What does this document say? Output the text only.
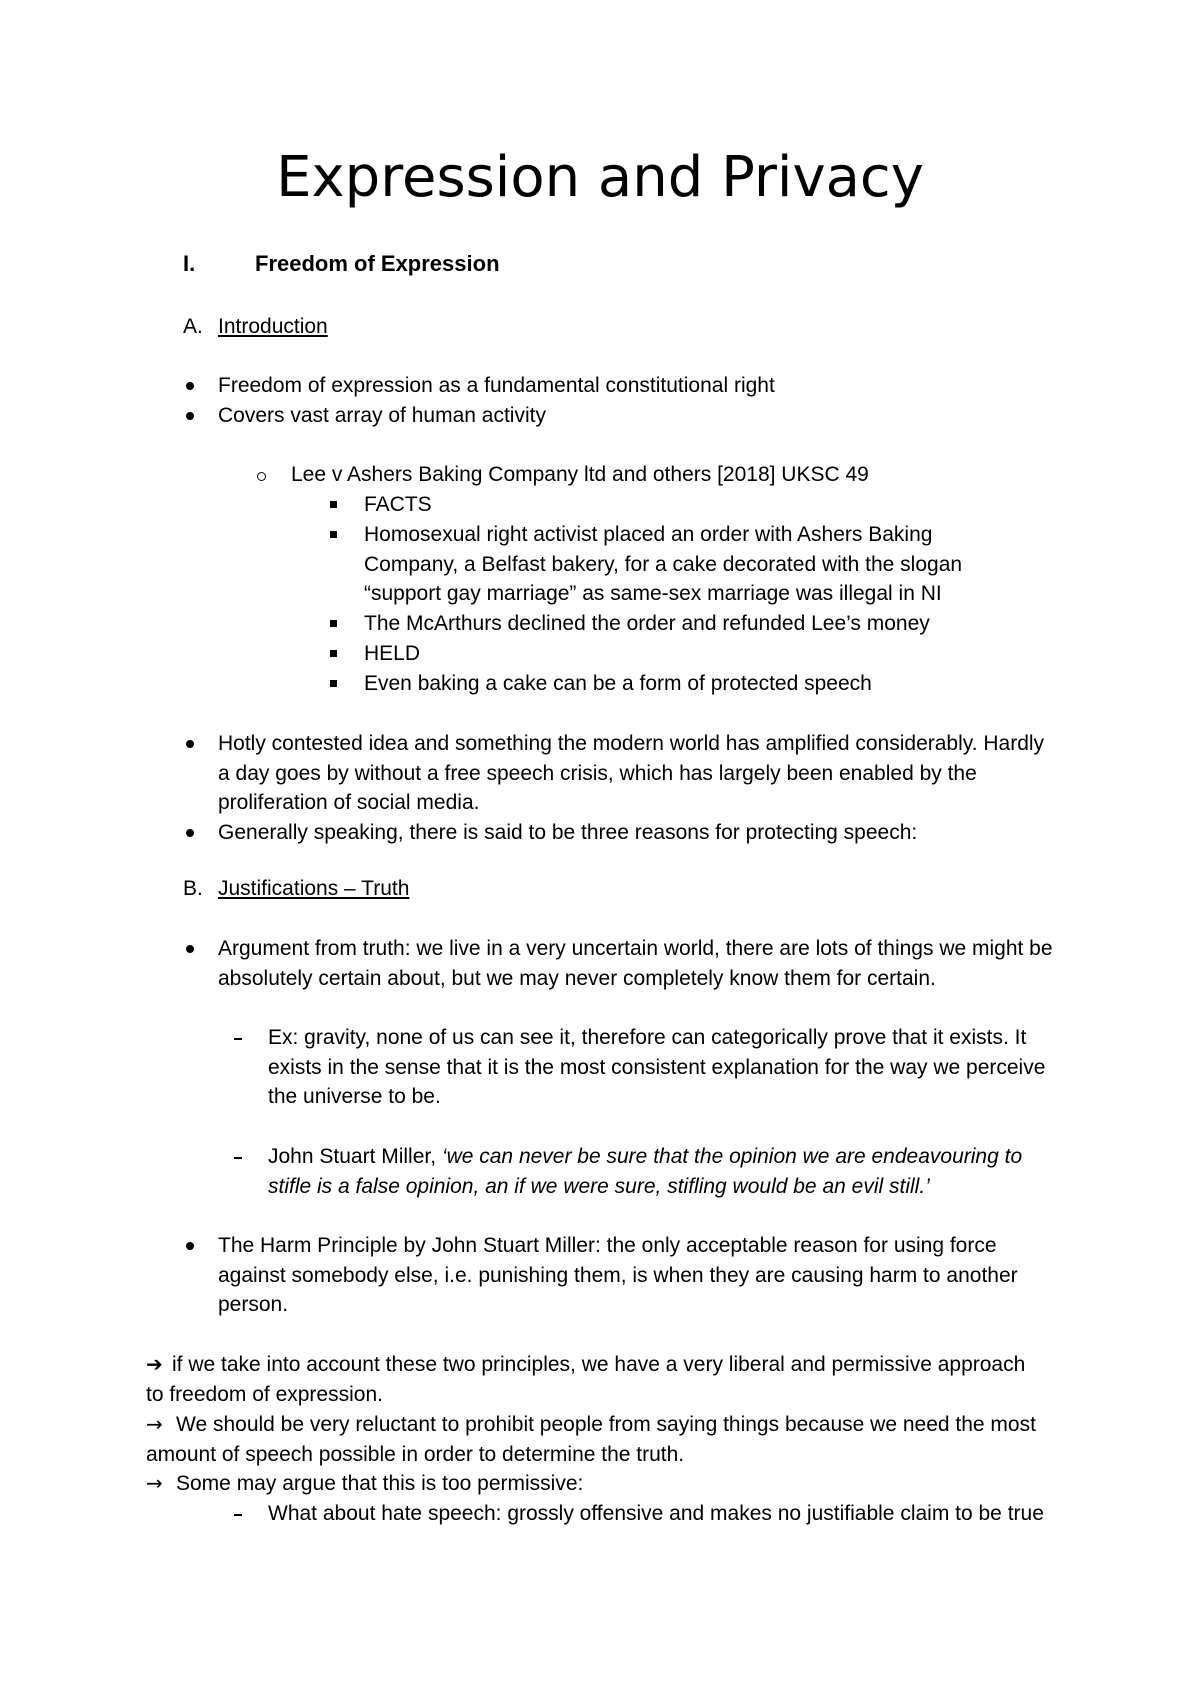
Expression and Privacy
I.	Freedom of Expression
A. Introduction
Freedom of expression as a fundamental constitutional right
Covers vast array of human activity
Lee v Ashers Baking Company ltd and others [2018] UKSC 49
FACTS
Homosexual right activist placed an order with Ashers Baking Company, a Belfast bakery, for a cake decorated with the slogan “support gay marriage” as same-sex marriage was illegal in NI
The McArthurs declined the order and refunded Lee’s money
HELD
Even baking a cake can be a form of protected speech
Hotly contested idea and something the modern world has amplified considerably. Hardly a day goes by without a free speech crisis, which has largely been enabled by the proliferation of social media.
Generally speaking, there is said to be three reasons for protecting speech:
B. Justifications – Truth
Argument from truth: we live in a very uncertain world, there are lots of things we might be absolutely certain about, but we may never completely know them for certain.
Ex: gravity, none of us can see it, therefore can categorically prove that it exists. It exists in the sense that it is the most consistent explanation for the way we perceive the universe to be.
John Stuart Miller, ‘we can never be sure that the opinion we are endeavouring to stifle is a false opinion, an if we were sure, stifling would be an evil still.’
The Harm Principle by John Stuart Miller: the only acceptable reason for using force against somebody else, i.e. punishing them, is when they are causing harm to another person.
➔ if we take into account these two principles, we have a very liberal and permissive approach to freedom of expression.
→ We should be very reluctant to prohibit people from saying things because we need the most amount of speech possible in order to determine the truth.
→ Some may argue that this is too permissive:
What about hate speech: grossly offensive and makes no justifiable claim to be true
